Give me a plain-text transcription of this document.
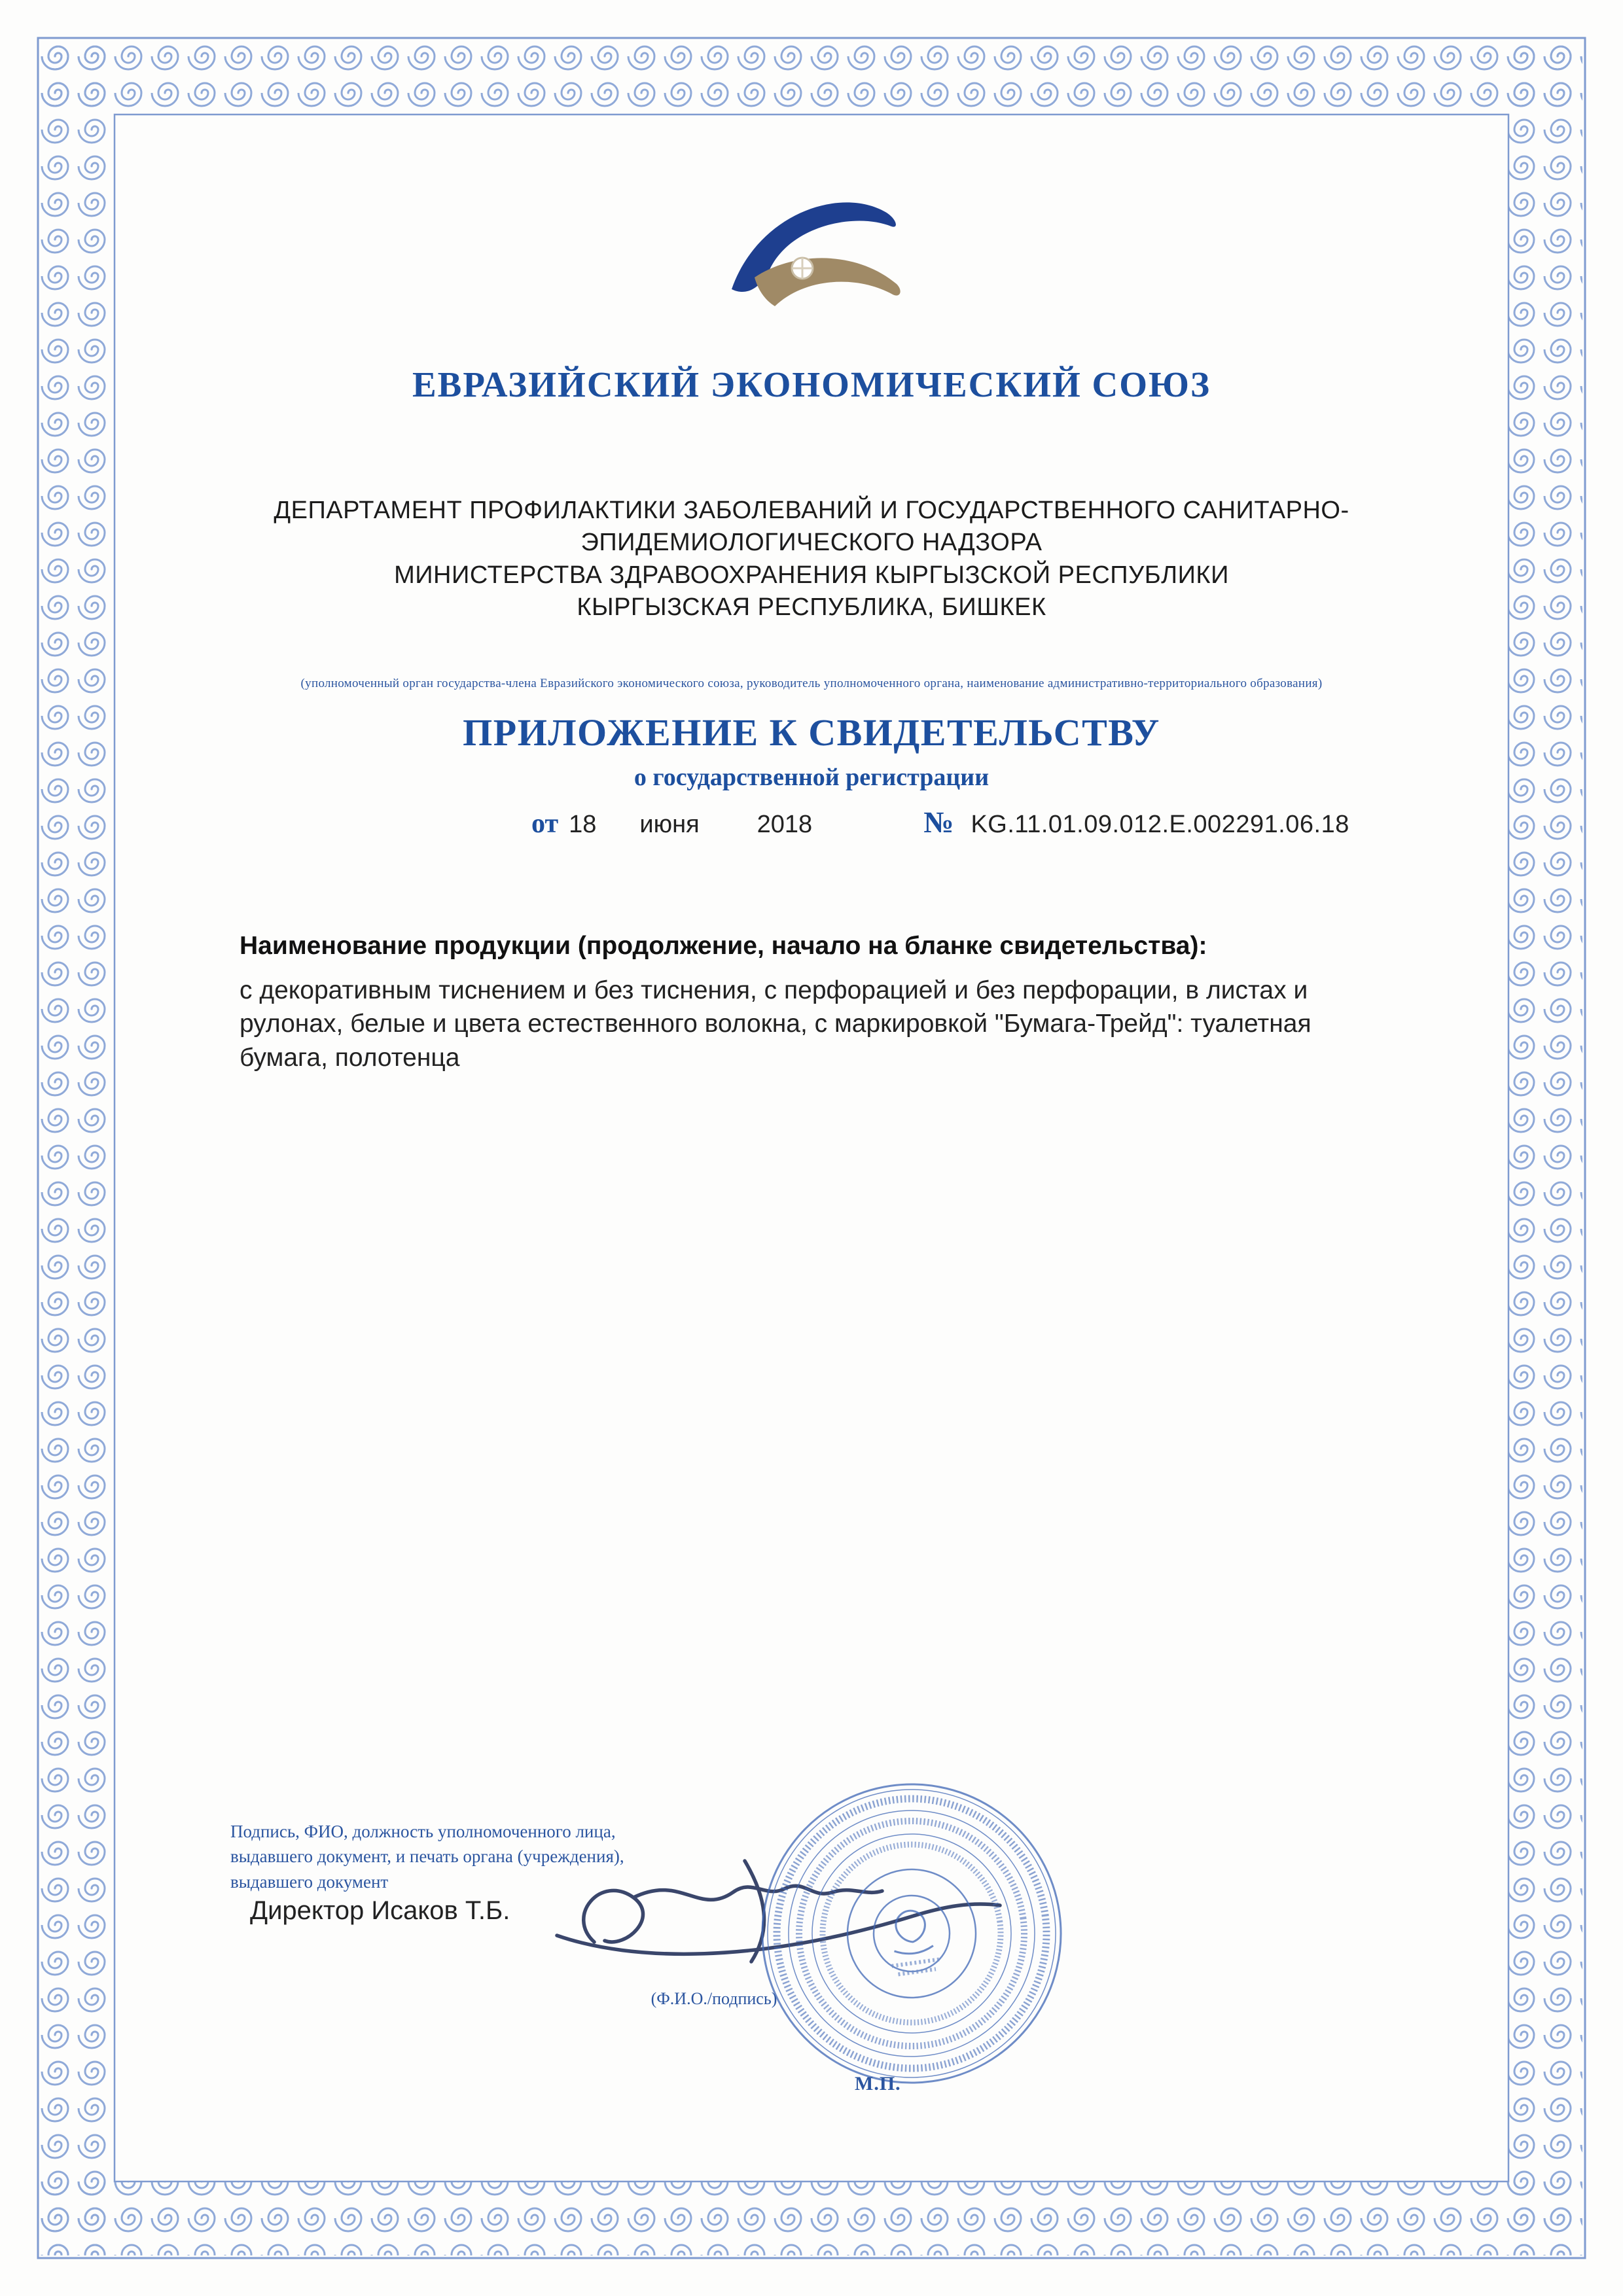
ЕВРАЗИЙСКИЙ ЭКОНОМИЧЕСКИЙ СОЮЗ
ДЕПАРТАМЕНТ ПРОФИЛАКТИКИ ЗАБОЛЕВАНИЙ И ГОСУДАРСТВЕННОГО САНИТАРНО-
ЭПИДЕМИОЛОГИЧЕСКОГО НАДЗОРА
МИНИСТЕРСТВА ЗДРАВООХРАНЕНИЯ КЫРГЫЗСКОЙ РЕСПУБЛИКИ
КЫРГЫЗСКАЯ РЕСПУБЛИКА, БИШКЕК
(уполномоченный орган государства-члена Евразийского экономического союза, руководитель уполномоченного органа, наименование административно-территориального образования)
ПРИЛОЖЕНИЕ К СВИДЕТЕЛЬСТВУ
о государственной регистрации
от 18 июня 2018	№ KG.11.01.09.012.Е.002291.06.18
Наименование продукции (продолжение, начало на бланке свидетельства):
с декоративным тиснением и без тиснения, с перфорацией и без перфорации, в листах и рулонах, белые и цвета естественного волокна, с маркировкой "Бумага-Трейд": туалетная бумага, полотенца
Подпись, ФИО, должность уполномоченного лица,
выдавшего документ, и печать органа (учреждения),
выдавшего документ
Директор Исаков Т.Б.
(Ф.И.О./подпись)
М.П.
